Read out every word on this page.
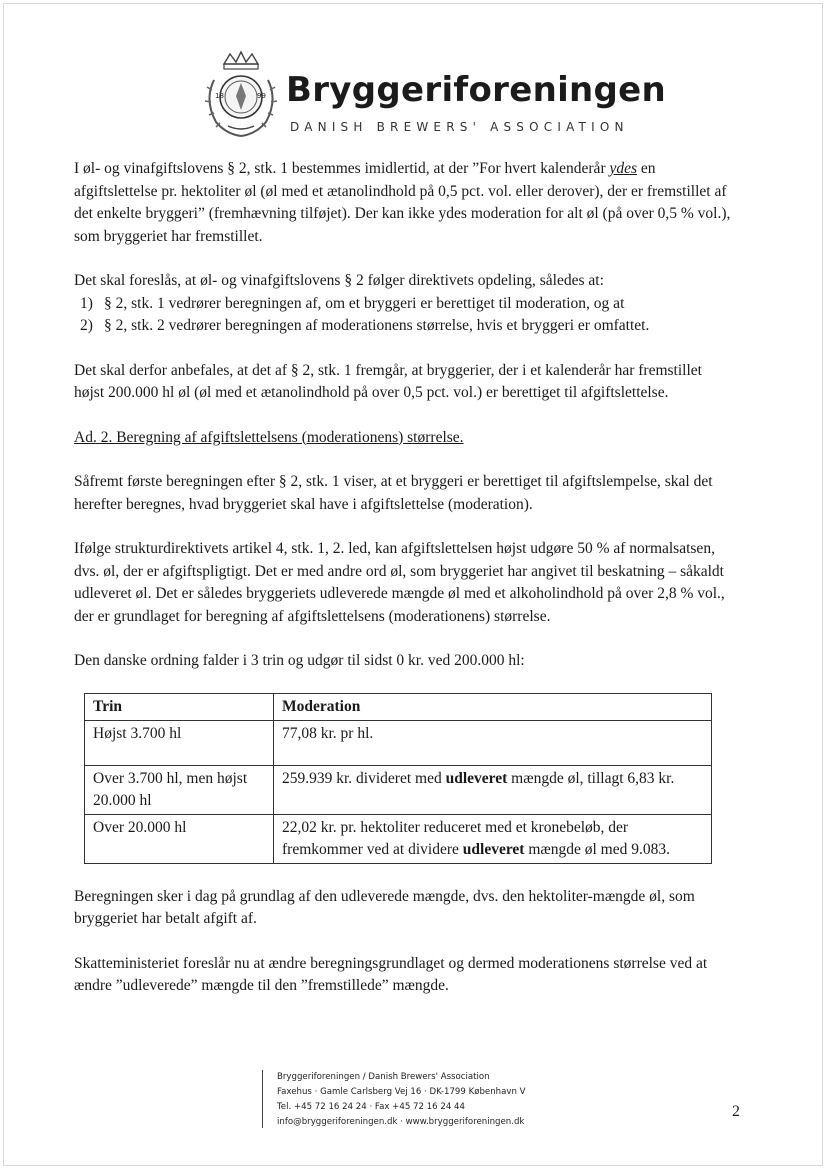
18	99 Bryggeriforeningen
DANISH BREWERS' ASSOCIATION

I øl- og vinafgiftslovens § 2, stk. 1 bestemmes imidlertid, at der ”For hvert kalenderår ydes en afgiftslettelse pr. hektoliter øl (øl med et ætanolindhold på 0,5 pct. vol. eller derover), der er fremstillet af det enkelte bryggeri” (fremhævning tilføjet). Der kan ikke ydes moderation for alt øl (på over 0,5 % vol.), som bryggeriet har fremstillet.

Det skal foreslås, at øl- og vinafgiftslovens § 2 følger direktivets opdeling, således at:

1) § 2, stk. 1 vedrører beregningen af, om et bryggeri er berettiget til moderation, og at
2) § 2, stk. 2 vedrører beregningen af moderationens størrelse, hvis et bryggeri er omfattet.

Det skal derfor anbefales, at det af § 2, stk. 1 fremgår, at bryggerier, der i et kalenderår har fremstillet højst 200.000 hl øl (øl med et ætanolindhold på over 0,5 pct. vol.) er berettiget til afgiftslettelse.

Ad. 2. Beregning af afgiftslettelsens (moderationens) størrelse.

Såfremt første beregningen efter § 2, stk. 1 viser, at et bryggeri er berettiget til afgiftslempelse, skal det herefter beregnes, hvad bryggeriet skal have i afgiftslettelse (moderation).

Ifølge strukturdirektivets artikel 4, stk. 1, 2. led, kan afgiftslettelsen højst udgøre 50 % af normalsatsen, dvs. øl, der er afgiftspligtigt. Det er med andre ord øl, som bryggeriet har angivet til beskatning – såkaldt udleveret øl. Det er således bryggeriets udleverede mængde øl med et alkoholindhold på over 2,8 % vol., der er grundlaget for beregning af afgiftslettelsens (moderationens) størrelse.

Den danske ordning falder i 3 trin og udgør til sidst 0 kr. ved 200.000 hl:

Trin	Moderation
Højst 3.700 hl	77,08 kr. pr hl.
Over 3.700 hl, men højst 20.000 hl	259.939 kr. divideret med udleveret mængde øl, tillagt 6,83 kr.
Over 20.000 hl	22,02 kr. pr. hektoliter reduceret med et kronebeløb, der fremkommer ved at dividere udleveret mængde øl med 9.083.

Beregningen sker i dag på grundlag af den udleverede mængde, dvs. den hektoliter-mængde øl, som bryggeriet har betalt afgift af.

Skatteministeriet foreslår nu at ændre beregningsgrundlaget og dermed moderationens størrelse ved at ændre ”udleverede” mængde til den ”fremstillede” mængde.

Bryggeriforeningen / Danish Brewers' Association
Faxehus · Gamle Carlsberg Vej 16 · DK-1799 København V
Tel. +45 72 16 24 24 · Fax +45 72 16 24 44
info@bryggeriforeningen.dk · www.bryggeriforeningen.dk
2
